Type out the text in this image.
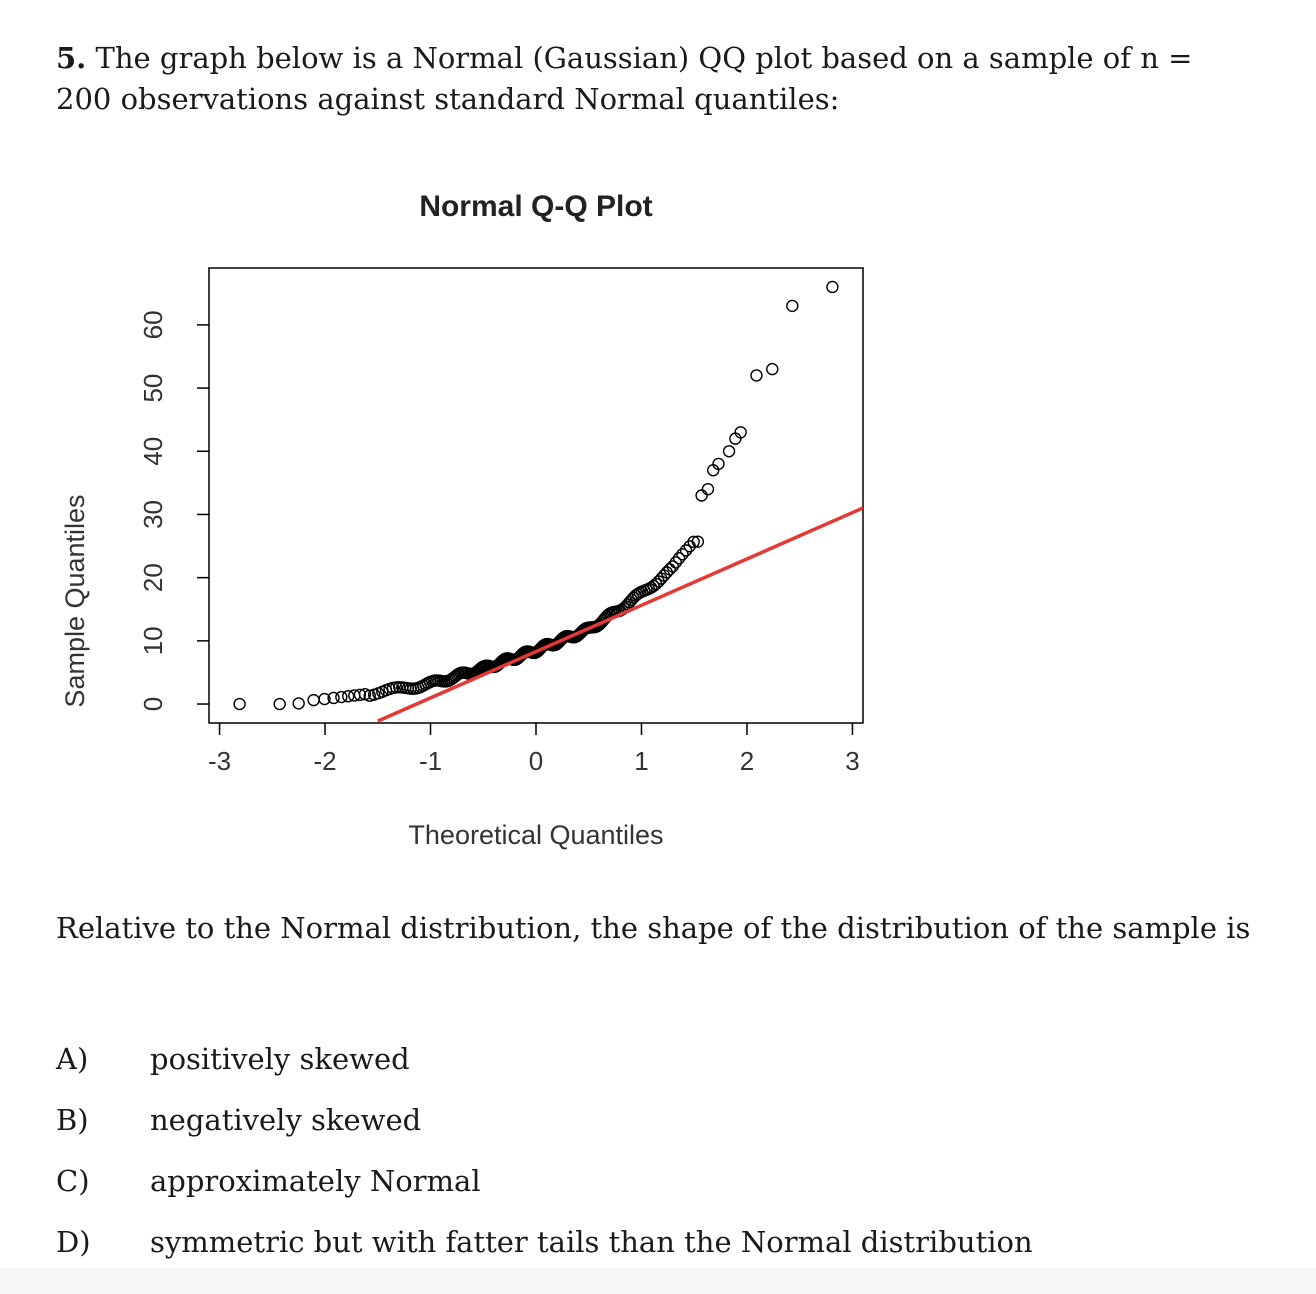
5. The graph below is a Normal (Gaussian) QQ plot based on a sample of n = 200 observations against standard Normal quantiles:
Normal Q-Q Plot
Theoretical Quantiles
Sample Quantiles
-3	-2	-1	0	1	2	3
0
10
20
30
40
50
60
Relative to the Normal distribution, the shape of the distribution of the sample is
A)	positively skewed
B)	negatively skewed
C)	approximately Normal
D)	symmetric but with fatter tails than the Normal distribution
